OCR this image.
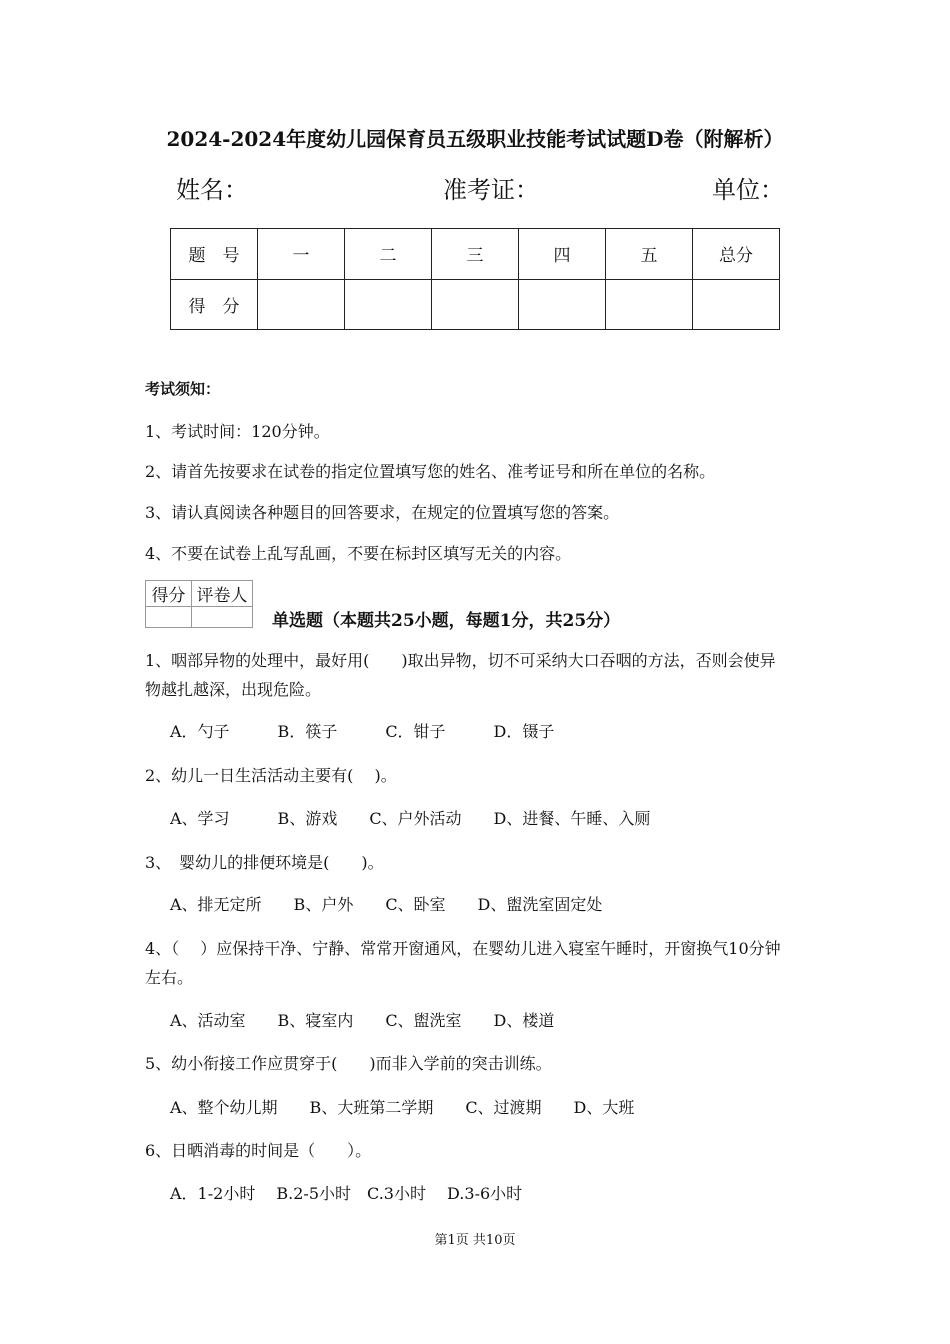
2024-2024年度幼儿园保育员五级职业技能考试试题D卷（附解析）
姓名：	准考证：	单位：
题　号	一	二	三	四	五	总分
得　分						
考试须知：
1、考试时间：120分钟。
2、请首先按要求在试卷的指定位置填写您的姓名、准考证号和所在单位的名称。
3、请认真阅读各种题目的回答要求，在规定的位置填写您的答案。
4、不要在试卷上乱写乱画，不要在标封区填写无关的内容。
得分	评卷人

单选题（本题共25小题，每题1分，共25分）
1、咽部异物的处理中，最好用(　　)取出异物，切不可采纳大口吞咽的方法，否则会使异
物越扎越深，出现危险。
A．勺子　　　B．筷子　　　C．钳子　　　D．镊子
2、幼儿一日生活活动主要有(　 )。
A、学习　　　B、游戏　　C、户外活动　　D、进餐、午睡、入厕
3、　婴幼儿的排便环境是(　　)。
A、排无定所　　B、户外　　C、卧室　　D、盥洗室固定处
4、（　 ）应保持干净、宁静、常常开窗通风，在婴幼儿进入寝室午睡时，开窗换气10分钟
左右。
A、活动室　　B、寝室内　　C、盥洗室　　D、楼道
5、幼小衔接工作应贯穿于(　　)而非入学前的突击训练。
A、整个幼儿期　　B、大班第二学期　　C、过渡期　　D、大班
6、日晒消毒的时间是（　　）。
A．1-2小时　 B.2-5小时　C.3小时　 D.3-6小时
第1页 共10页
